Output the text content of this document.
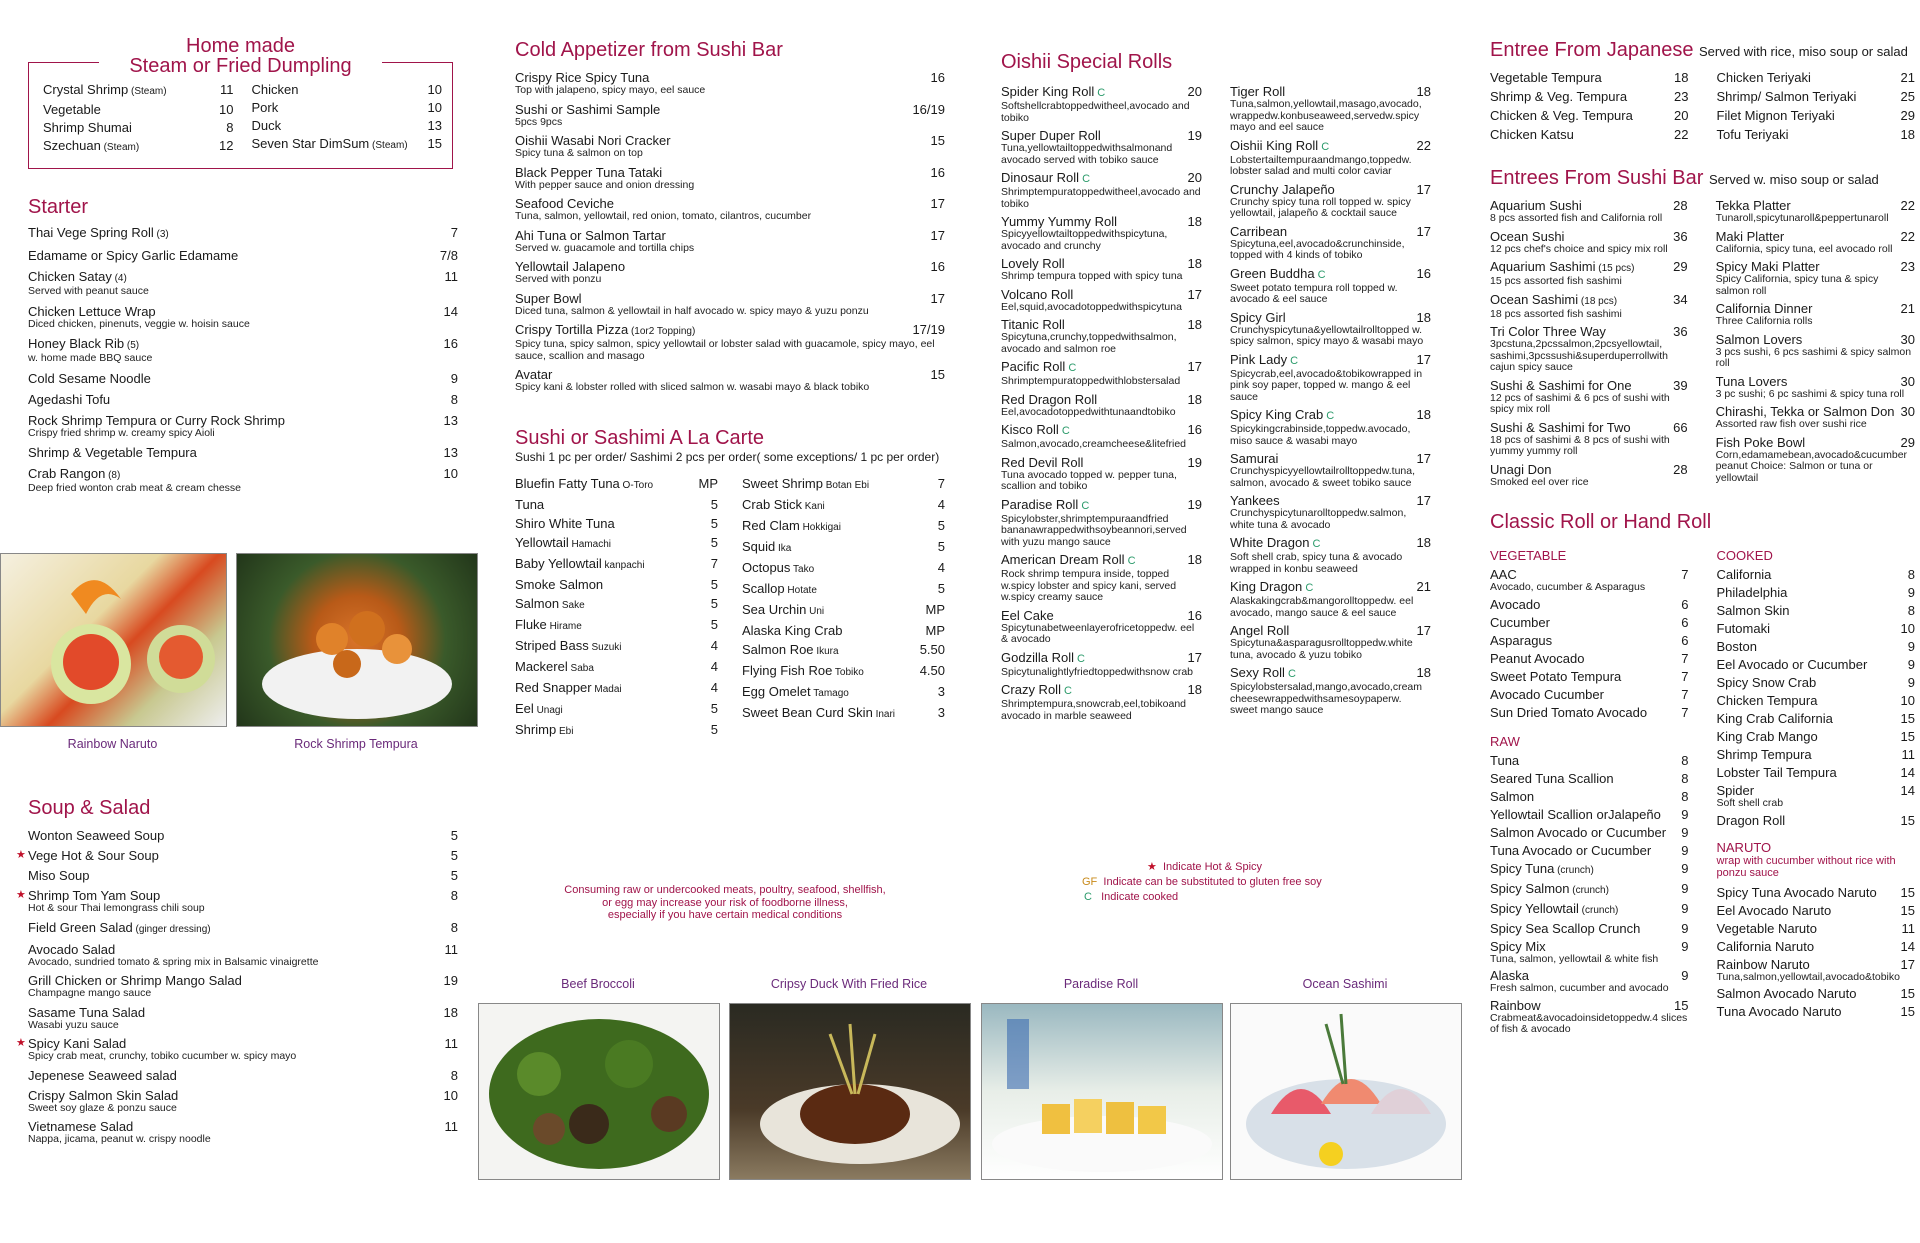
Home made
Steam or Fried Dumpling
Crystal Shrimp (Steam)	11
Vegetable	10
Shrimp Shumai	8
Szechuan (Steam)	12
Chicken	10
Pork	10
Duck	13
Seven Star DimSum (Steam) 15
Starter
Thai Vege Spring Roll (3)	7
Edamame or Spicy Garlic Edamame	7/8
Chicken Satay (4)	11
Served with peanut sauce
Chicken Lettuce Wrap	14
Diced chicken, pinenuts, veggie w. hoisin sauce
Honey Black Rib (5)	16
w. home made BBQ sauce
Cold Sesame Noodle	9
Agedashi Tofu	8
Rock Shrimp Tempura or Curry Rock Shrimp	13
Crispy fried shrimp w. creamy spicy Aioli
Shrimp & Vegetable Tempura	13
Crab Rangon (8)	10
Deep fried wonton crab meat & cream chesse
Rainbow Naruto	Rock Shrimp Tempura
Soup & Salad
Wonton Seaweed Soup	5
★ Vege Hot & Sour Soup	5
Miso Soup	5
★ Shrimp Tom Yam Soup	8
Hot & sour Thai lemongrass chili soup
Field Green Salad (ginger dressing)	8
Avocado Salad	11
Avocado, sundried tomato & spring mix in Balsamic vinaigrette
Grill Chicken or Shrimp Mango Salad	19
Champagne mango sauce
Sasame Tuna Salad	18
Wasabi yuzu sauce
★ Spicy Kani Salad	11
Spicy crab meat, crunchy, tobiko cucumber w. spicy mayo
Jepenese Seaweed salad	8
Crispy Salmon Skin Salad	10
Sweet soy glaze & ponzu sauce
Vietnamese Salad	11
Nappa, jicama, peanut w. crispy noodle
Cold Appetizer from Sushi Bar
Crispy Rice Spicy Tuna	16
Top with jalapeno, spicy mayo, eel sauce
Sushi or Sashimi Sample	16/19
5pcs 9pcs
Oishii Wasabi Nori Cracker	15
Spicy tuna & salmon on top
Black Pepper Tuna Tataki	16
With pepper sauce and onion dressing
Seafood Ceviche	17
Tuna, salmon, yellowtail, red onion, tomato, cilantros, cucumber
Ahi Tuna or Salmon Tartar	17
Served w. guacamole and tortilla chips
Yellowtail Jalapeno	16
Served with ponzu
Super Bowl	17
Diced tuna, salmon & yellowtail in half avocado w. spicy mayo & yuzu ponzu
Crispy Tortilla Pizza (1or2 Topping)	17/19
Spicy tuna, spicy salmon, spicy yellowtail or lobster salad with guacamole, spicy mayo, eel sauce, scallion and masago
Avatar	15
Spicy kani & lobster rolled with sliced salmon w. wasabi mayo & black tobiko
Sushi or Sashimi A La Carte
Sushi 1 pc per order/ Sashimi 2 pcs per order( some exceptions/ 1 pc per order)
Bluefin Fatty Tuna O-Toro	MP
Tuna	5
Shiro White Tuna	5
Yellowtail Hamachi	5
Baby Yellowtail kanpachi	7
Smoke Salmon	5
Salmon Sake	5
Fluke Hirame	5
Striped Bass Suzuki	4
Mackerel Saba	4
Red Snapper Madai	4
Eel Unagi	5
Shrimp Ebi	5
Sweet Shrimp Botan Ebi	7
Crab Stick Kani	4
Red Clam Hokkigai	5
Squid Ika	5
Octopus Tako	4
Scallop Hotate	5
Sea Urchin Uni	MP
Alaska King Crab	MP
Salmon Roe Ikura	5.50
Flying Fish Roe Tobiko	4.50
Egg Omelet Tamago	3
Sweet Bean Curd Skin Inari	3
Consuming raw or undercooked meats, poultry, seafood, shellfish,
or egg may increase your risk of foodborne illness,
especially if you have certain medical conditions
Beef Broccoli	Cripsy Duck With Fried Rice	Paradise Roll	Ocean Sashimi
Oishii Special Rolls
Spider King Roll C	20
Softshellcrabtoppedwitheel,avocado and tobiko
Super Duper Roll	19
Tuna,yellowtailtoppedwithsalmonand avocado served with tobiko sauce
Dinosaur Roll C	20
Shrimptempuratoppedwitheel,avocado and tobiko
Yummy Yummy Roll	18
Spicyyellowtailtoppedwithspicytuna, avocado and crunchy
Lovely Roll	18
Shrimp tempura topped with spicy tuna
Volcano Roll	17
Eel,squid,avocadotoppedwithspicytuna
Titanic Roll	18
Spicytuna,crunchy,toppedwithsalmon, avocado and salmon roe
Pacific Roll C	17
Shrimptempuratoppedwithlobstersalad
Red Dragon Roll	18
Eel,avocadotoppedwithtunaandtobiko
Kisco Roll C	16
Salmon,avocado,creamcheese&litefried
Red Devil Roll	19
Tuna avocado topped w. pepper tuna, scallion and tobiko
Paradise Roll C	19
Spicylobster,shrimptempuraandfried bananawrappedwithsoybeannori,served with yuzu mango sauce
American Dream Roll C	18
Rock shrimp tempura inside, topped w.spicy lobster and spicy kani, served w.spicy creamy sauce
Eel Cake	16
Spicytunabetweenlayerofricetoppedw. eel & avocado
Godzilla Roll C	17
Spicytunalightlyfriedtoppedwithsnow crab
Crazy Roll C	18
Shrimptempura,snowcrab,eel,tobikoand avocado in marble seaweed
Tiger Roll	18
Tuna,salmon,yellowtail,masago,avocado, wrappedw.konbuseaweed,servedw.spicy mayo and eel sauce
Oishii King Roll C	22
Lobstertailtempuraandmango,toppedw. lobster salad and multi color caviar
Crunchy Jalapeño	17
Crunchy spicy tuna roll topped w. spicy yellowtail, jalapeño & cocktail sauce
Carribean	17
Spicytuna,eel,avocado&crunchinside, topped with 4 kinds of tobiko
Green Buddha C	16
Sweet potato tempura roll topped w. avocado & eel sauce
Spicy Girl	18
Crunchyspicytuna&yellowtailrolltopped w. spicy salmon, spicy mayo & wasabi mayo
Pink Lady C	17
Spicycrab,eel,avocado&tobikowrapped in pink soy paper, topped w. mango & eel sauce
Spicy King Crab C	18
Spicykingcrabinside,toppedw.avocado, miso sauce & wasabi mayo
Samurai	17
Crunchyspicyyellowtailrolltoppedw.tuna, salmon, avocado & sweet tobiko sauce
Yankees	17
Crunchyspicytunarolltoppedw.salmon, white tuna & avocado
White Dragon C	18
Soft shell crab, spicy tuna & avocado wrapped in konbu seaweed
King Dragon C	21
Alaskakingcrab&mangorolltoppedw. eel avocado, mango sauce & eel sauce
Angel Roll	17
Spicytuna&asparagusrolltoppedw.white tuna, avocado & yuzu tobiko
Sexy Roll C	18
Spicylobstersalad,mango,avocado,cream cheesewrappedwithsamesoypaperw. sweet mango sauce
★ Indicate Hot & Spicy
GF Indicate can be substituted to gluten free soy
C Indicate cooked
Entree From Japanese Served with rice, miso soup or salad
Vegetable Tempura	18
Shrimp & Veg. Tempura	23
Chicken & Veg. Tempura	20
Chicken Katsu	22
Chicken Teriyaki	21
Shrimp/ Salmon Teriyaki	25
Filet Mignon Teriyaki	29
Tofu Teriyaki	18
Entrees From Sushi Bar Served w. miso soup or salad
Aquarium Sushi	28
8 pcs assorted fish and California roll
Ocean Sushi	36
12 pcs chef's choice and spicy mix roll
Aquarium Sashimi (15 pcs)	29
15 pcs assorted fish sashimi
Ocean Sashimi (18 pcs)	34
18 pcs assorted fish sashimi
Tri Color Three Way	36
3pcstuna,2pcssalmon,2pcsyellowtail, sashimi,3pcssushi&superduperrollwith cajun spicy sauce
Sushi & Sashimi for One	39
12 pcs of sashimi & 6 pcs of sushi with spicy mix roll
Sushi & Sashimi for Two	66
18 pcs of sashimi & 8 pcs of sushi with yummy yummy roll
Unagi Don	28
Smoked eel over rice
Tekka Platter	22
Tunaroll,spicytunaroll&peppertunaroll
Maki Platter	22
California, spicy tuna, eel avocado roll
Spicy Maki Platter	23
Spicy California, spicy tuna & spicy salmon roll
California Dinner	21
Three California rolls
Salmon Lovers	30
3 pcs sushi, 6 pcs sashimi & spicy salmon roll
Tuna Lovers	30
3 pc sushi; 6 pc sashimi & spicy tuna roll
Chirashi, Tekka or Salmon Don 30
Assorted raw fish over sushi rice
Fish Poke Bowl	29
Corn,edamamebean,avocado&cucumber peanut Choice: Salmon or tuna or yellowtail
Classic Roll or Hand Roll
VEGETABLE
AAC	7
Avocado, cucumber & Asparagus
Avocado	6
Cucumber	6
Asparagus	6
Peanut Avocado	7
Sweet Potato Tempura	7
Avocado Cucumber	7
Sun Dried Tomato Avocado	7
RAW
Tuna	8
Seared Tuna Scallion	8
Salmon	8
Yellowtail Scallion orJalapeño 9
Salmon Avocado or Cucumber 9
Tuna Avocado or Cucumber 9
Spicy Tuna (crunch)	9
Spicy Salmon (crunch)	9
Spicy Yellowtail (crunch)	9
Spicy Sea Scallop Crunch	9
Spicy Mix	9
Tuna, salmon, yellowtail & white fish
Alaska	9
Fresh salmon, cucumber and avocado
Rainbow	15
Crabmeat&avocadoinsidetoppedw.4 slices of fish & avocado
COOKED
California	8
Philadelphia	9
Salmon Skin	8
Futomaki	10
Boston	9
Eel Avocado or Cucumber	9
Spicy Snow Crab	9
Chicken Tempura	10
King Crab California	15
King Crab Mango	15
Shrimp Tempura	11
Lobster Tail Tempura	14
Spider	14
Soft shell crab
Dragon Roll	15
NARUTO
wrap with cucumber without rice with ponzu sauce
Spicy Tuna Avocado Naruto 15
Eel Avocado Naruto	15
Vegetable Naruto	11
California Naruto	14
Rainbow Naruto	17
Tuna,salmon,yellowtail,avocado&tobiko
Salmon Avocado Naruto	15
Tuna Avocado Naruto	15
